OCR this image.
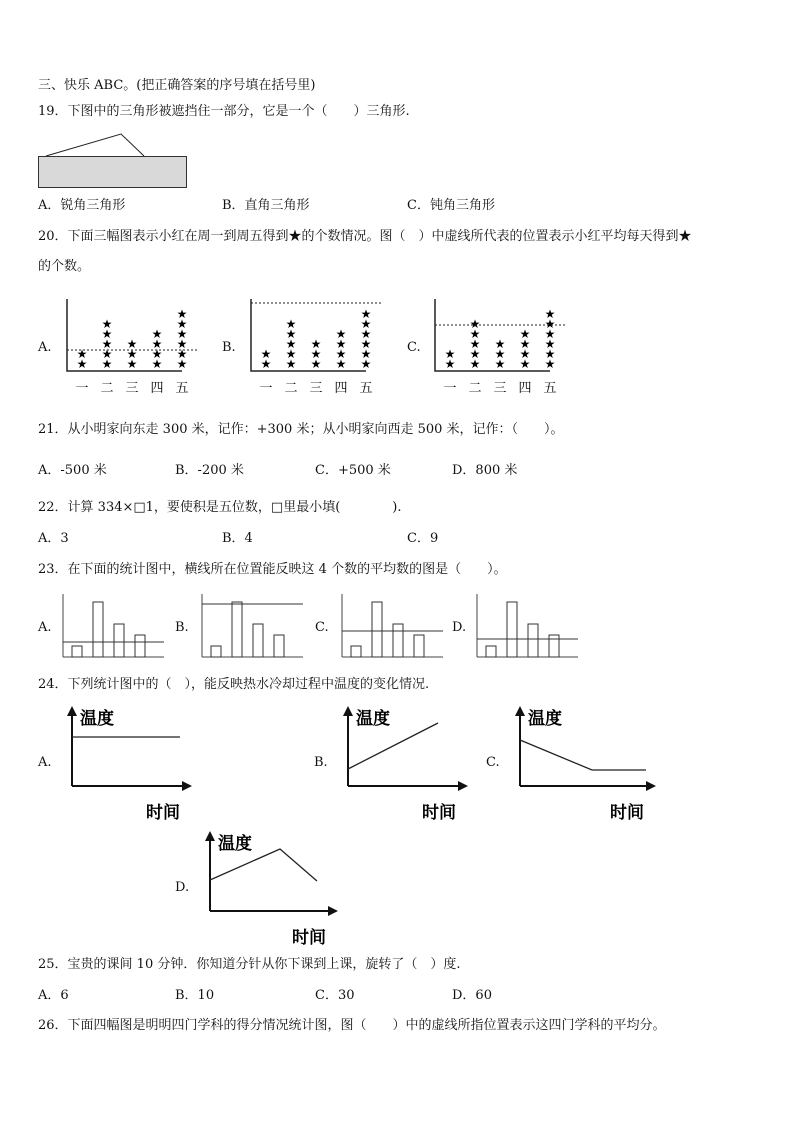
三、快乐 ABC。(把正确答案的序号填在括号里)
19．下图中的三角形被遮挡住一部分，它是一个（　　）三角形.
A．锐角三角形	B．直角三角形	C．钝角三角形
20．下面三幅图表示小红在周一到周五得到★的个数情况。图（　）中虚线所代表的位置表示小红平均每天得到★
的个数。
A.
★
★
一
★
★
★
★
★
二
★
★
★
三
★
★
★
★
四
★
★
★
★
★
★
五
B.
★
★
一
★
★
★
★
★
二
★
★
★
三
★
★
★
★
四
★
★
★
★
★
★
五
C.
★
★
一
★
★
★
★
★
二
★
★
★
三
★
★
★
★
四
★
★
★
★
★
★
五
21．从小明家向东走 300 米，记作：+300 米；从小明家向西走 500 米，记作：（　　）。
A．-500 米	B．-200 米	C．+500 米	D．800 米
22．计算 334×□1，要使积是五位数，□里最小填(　　　　).
A．3	B．4	C．9
23．在下面的统计图中，横线所在位置能反映这 4 个数的平均数的图是（　　）。
A.	B.	C.	D.
24．下列统计图中的（　），能反映热水冷却过程中温度的变化情况.
A.
温度
时间
B.
温度
时间
C.
温度
时间
D.
温度
时间
25．宝贵的课间 10 分钟．你知道分针从你下课到上课，旋转了（　）度.
A．6	B．10	C．30	D．60
26．下面四幅图是明明四门学科的得分情况统计图，图（　　）中的虚线所指位置表示这四门学科的平均分。
